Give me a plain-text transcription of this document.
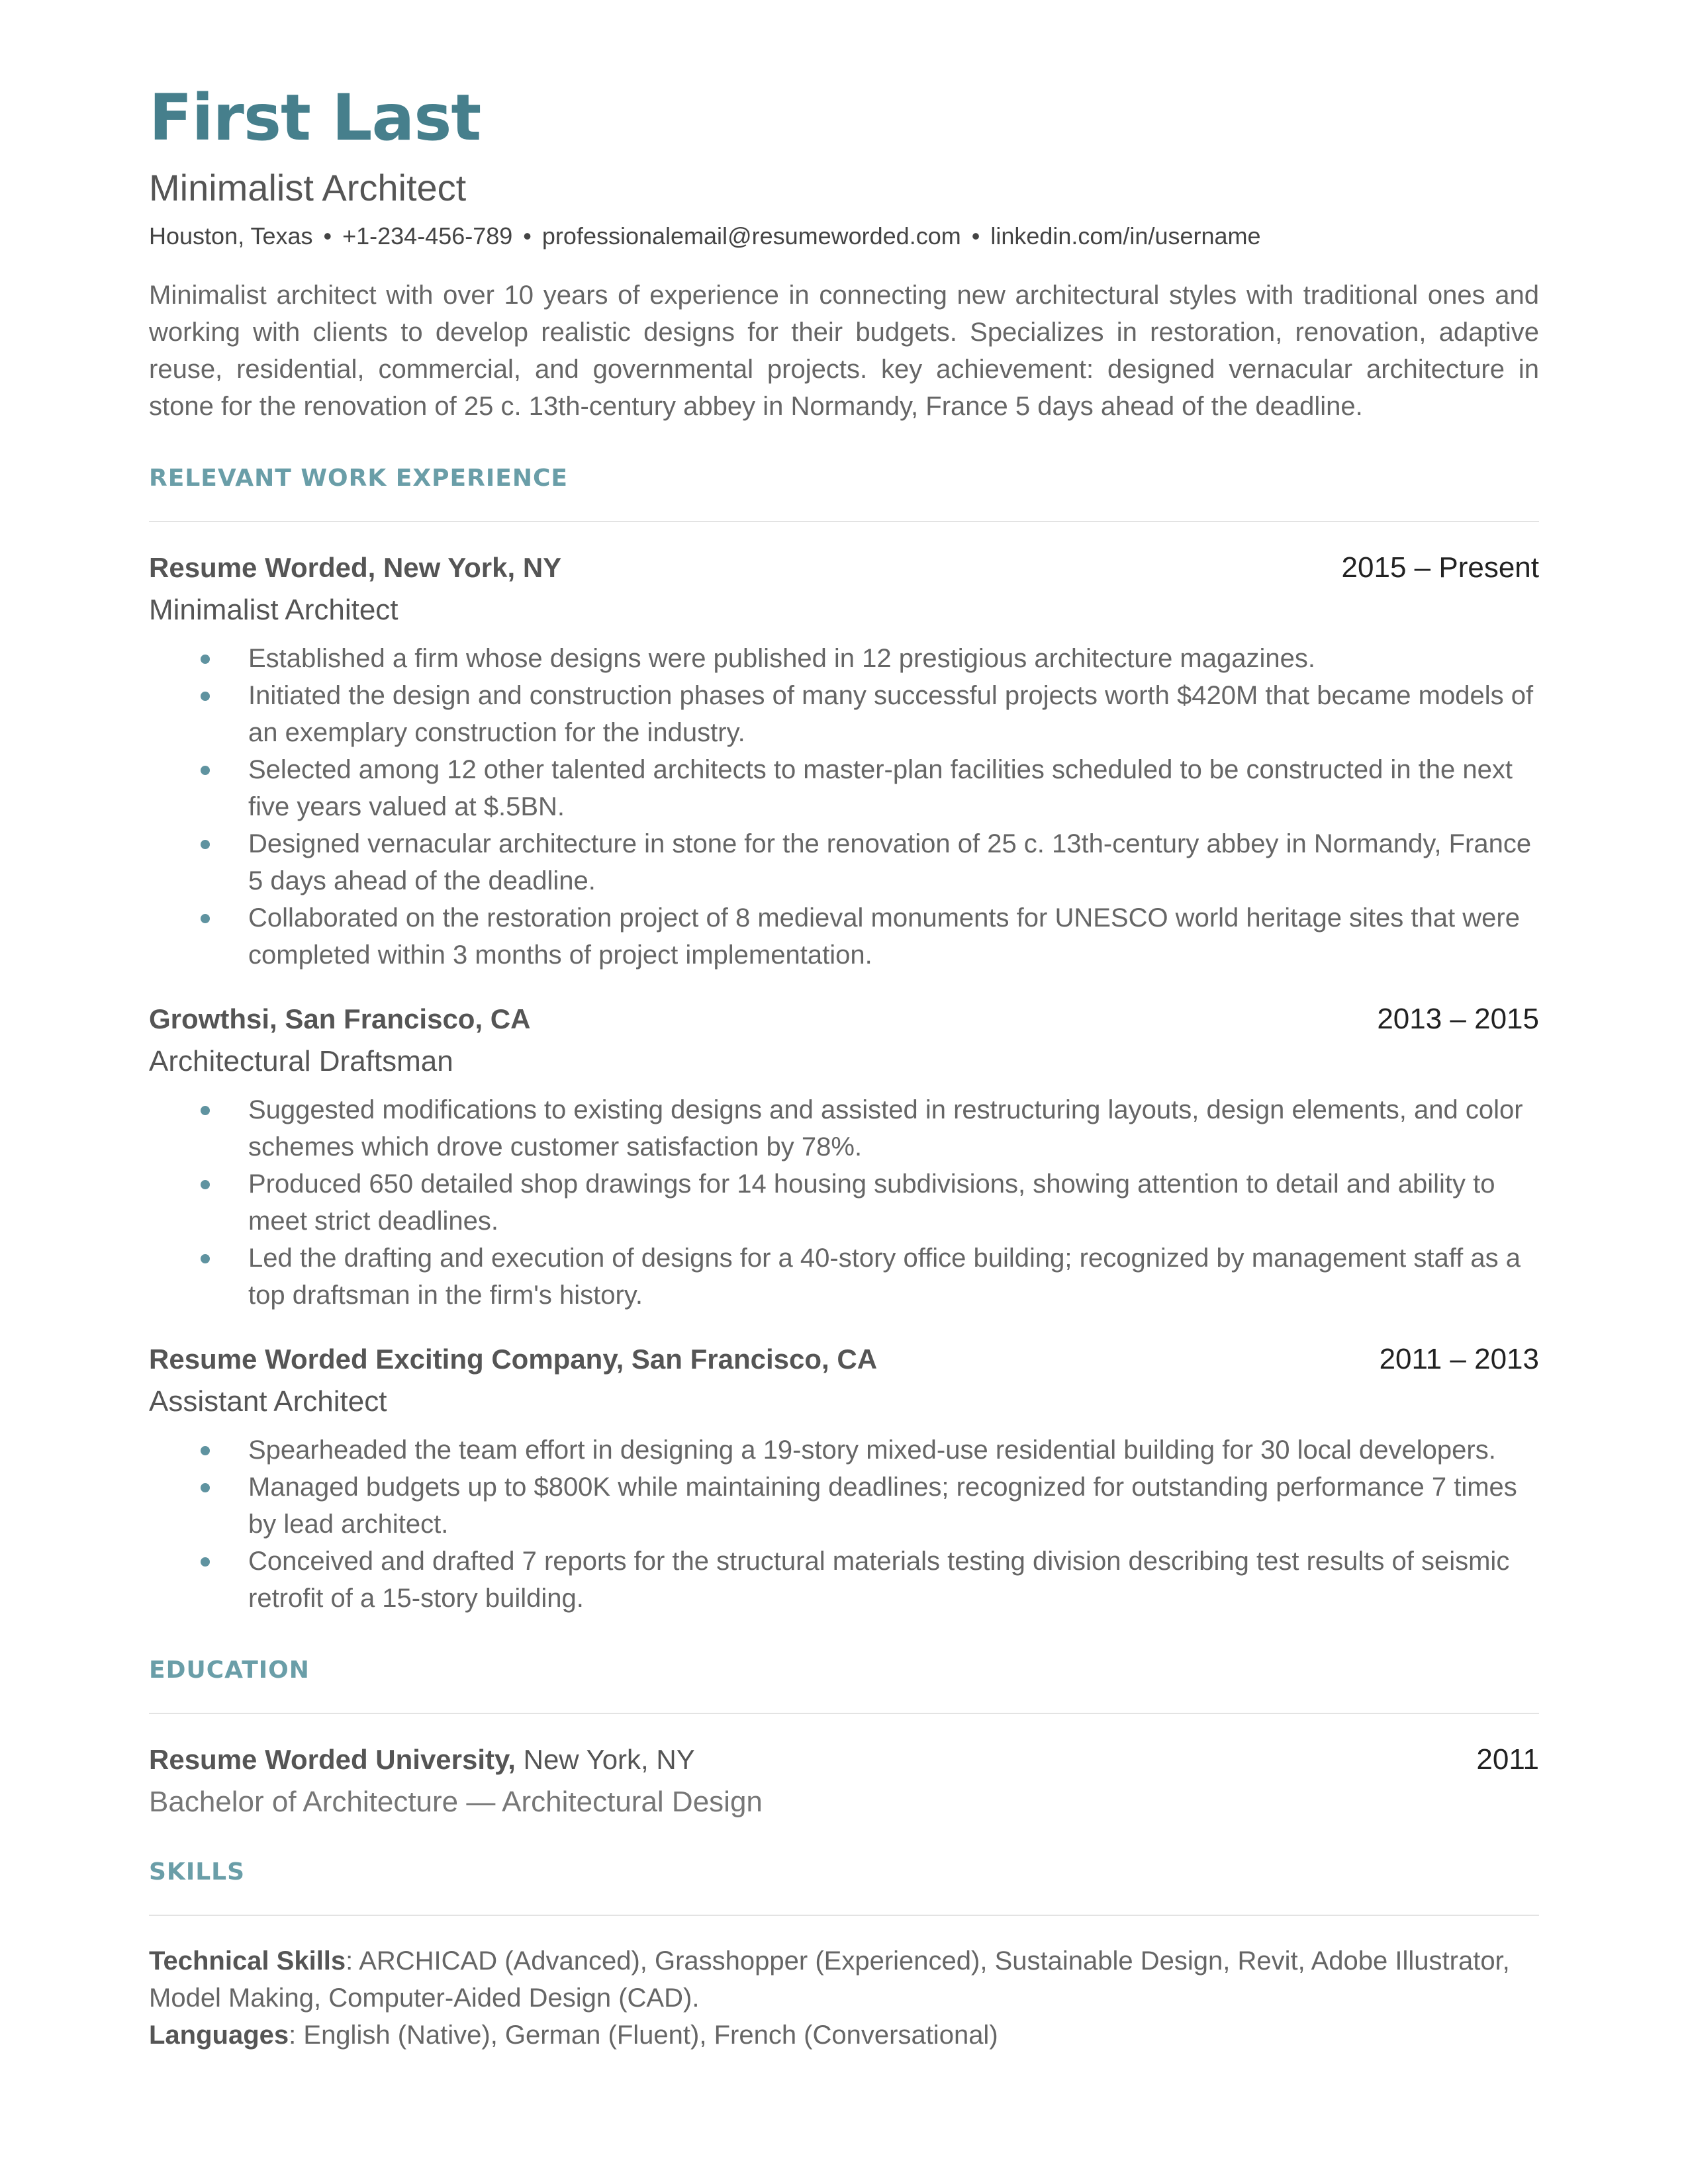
First Last
Minimalist Architect
Houston, Texas • +1-234-456-789 • professionalemail@resumeworded.com • linkedin.com/in/username

Minimalist architect with over 10 years of experience in connecting new architectural styles with traditional ones and working with clients to develop realistic designs for their budgets. Specializes in restoration, renovation, adaptive reuse, residential, commercial, and governmental projects. key achievement: designed vernacular architecture in stone for the renovation of 25 c. 13th-century abbey in Normandy, France 5 days ahead of the deadline.

RELEVANT WORK EXPERIENCE
Resume Worded, New York, NY	2015 – Present
Minimalist Architect
Established a firm whose designs were published in 12 prestigious architecture magazines.
Initiated the design and construction phases of many successful projects worth $420M that became models of an exemplary construction for the industry.
Selected among 12 other talented architects to master-plan facilities scheduled to be constructed in the next five years valued at $.5BN.
Designed vernacular architecture in stone for the renovation of 25 c. 13th-century abbey in Normandy, France 5 days ahead of the deadline.
Collaborated on the restoration project of 8 medieval monuments for UNESCO world heritage sites that were completed within 3 months of project implementation.
Growthsi, San Francisco, CA	2013 – 2015
Architectural Draftsman
Suggested modifications to existing designs and assisted in restructuring layouts, design elements, and color schemes which drove customer satisfaction by 78%.
Produced 650 detailed shop drawings for 14 housing subdivisions, showing attention to detail and ability to meet strict deadlines.
Led the drafting and execution of designs for a 40-story office building; recognized by management staff as a top draftsman in the firm's history.
Resume Worded Exciting Company, San Francisco, CA	2011 – 2013
Assistant Architect
Spearheaded the team effort in designing a 19-story mixed-use residential building for 30 local developers.
Managed budgets up to $800K while maintaining deadlines; recognized for outstanding performance 7 times by lead architect.
Conceived and drafted 7 reports for the structural materials testing division describing test results of seismic retrofit of a 15-story building.
EDUCATION
Resume Worded University, New York, NY	2011
Bachelor of Architecture — Architectural Design
SKILLS
Technical Skills: ARCHICAD (Advanced), Grasshopper (Experienced), Sustainable Design, Revit, Adobe Illustrator, Model Making, Computer-Aided Design (CAD).
Languages: English (Native), German (Fluent), French (Conversational)
